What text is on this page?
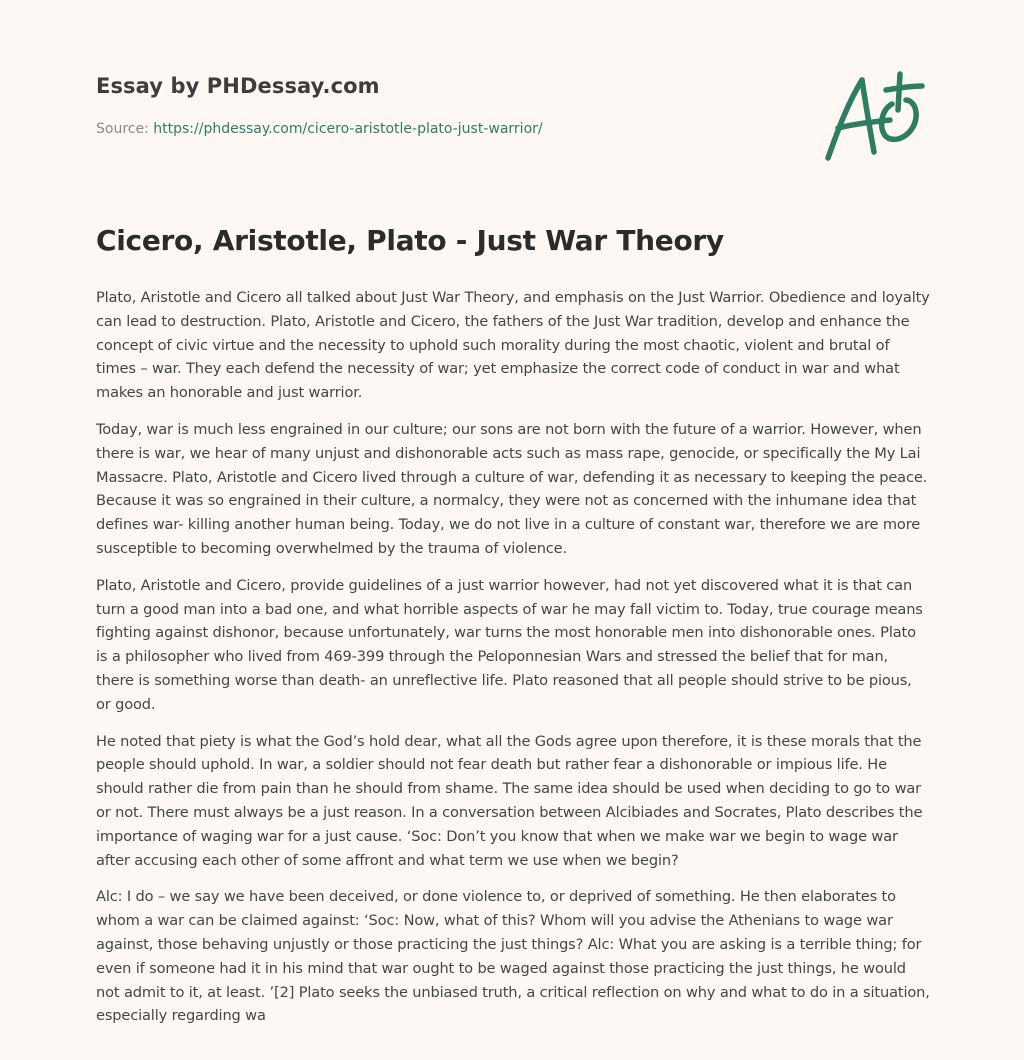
Essay by PHDessay.com
Source: https://phdessay.com/cicero-aristotle-plato-just-warrior/
Cicero, Aristotle, Plato - Just War Theory

Plato, Aristotle and Cicero all talked about Just War Theory, and emphasis on the Just Warrior. Obedience and loyalty can lead to destruction. Plato, Aristotle and Cicero, the fathers of the Just War tradition, develop and enhance the concept of civic virtue and the necessity to uphold such morality during the most chaotic, violent and brutal of times – war. They each defend the necessity of war; yet emphasize the correct code of conduct in war and what makes an honorable and just warrior.

Today, war is much less engrained in our culture; our sons are not born with the future of a warrior. However, when there is war, we hear of many unjust and dishonorable acts such as mass rape, genocide, or specifically the My Lai Massacre. Plato, Aristotle and Cicero lived through a culture of war, defending it as necessary to keeping the peace. Because it was so engrained in their culture, a normalcy, they were not as concerned with the inhumane idea that defines war- killing another human being. Today, we do not live in a culture of constant war, therefore we are more susceptible to becoming overwhelmed by the trauma of violence.

Plato, Aristotle and Cicero, provide guidelines of a just warrior however, had not yet discovered what it is that can turn a good man into a bad one, and what horrible aspects of war he may fall victim to. Today, true courage means fighting against dishonor, because unfortunately, war turns the most honorable men into dishonorable ones. Plato is a philosopher who lived from 469-399 through the Peloponnesian Wars and stressed the belief that for man, there is something worse than death- an unreflective life. Plato reasoned that all people should strive to be pious, or good.

He noted that piety is what the God’s hold dear, what all the Gods agree upon therefore, it is these morals that the people should uphold. In war, a soldier should not fear death but rather fear a dishonorable or impious life. He should rather die from pain than he should from shame. The same idea should be used when deciding to go to war or not. There must always be a just reason. In a conversation between Alcibiades and Socrates, Plato describes the importance of waging war for a just cause. ‘Soc: Don’t you know that when we make war we begin to wage war after accusing each other of some affront and what term we use when we begin?

Alc: I do – we say we have been deceived, or done violence to, or deprived of something. He then elaborates to whom a war can be claimed against: ‘Soc: Now, what of this? Whom will you advise the Athenians to wage war against, those behaving unjustly or those practicing the just things? Alc: What you are asking is a terrible thing; for even if someone had it in his mind that war ought to be waged against those practicing the just things, he would not admit to it, at least. ’[2] Plato seeks the unbiased truth, a critical reflection on why and what to do in a situation, especially regarding wa
